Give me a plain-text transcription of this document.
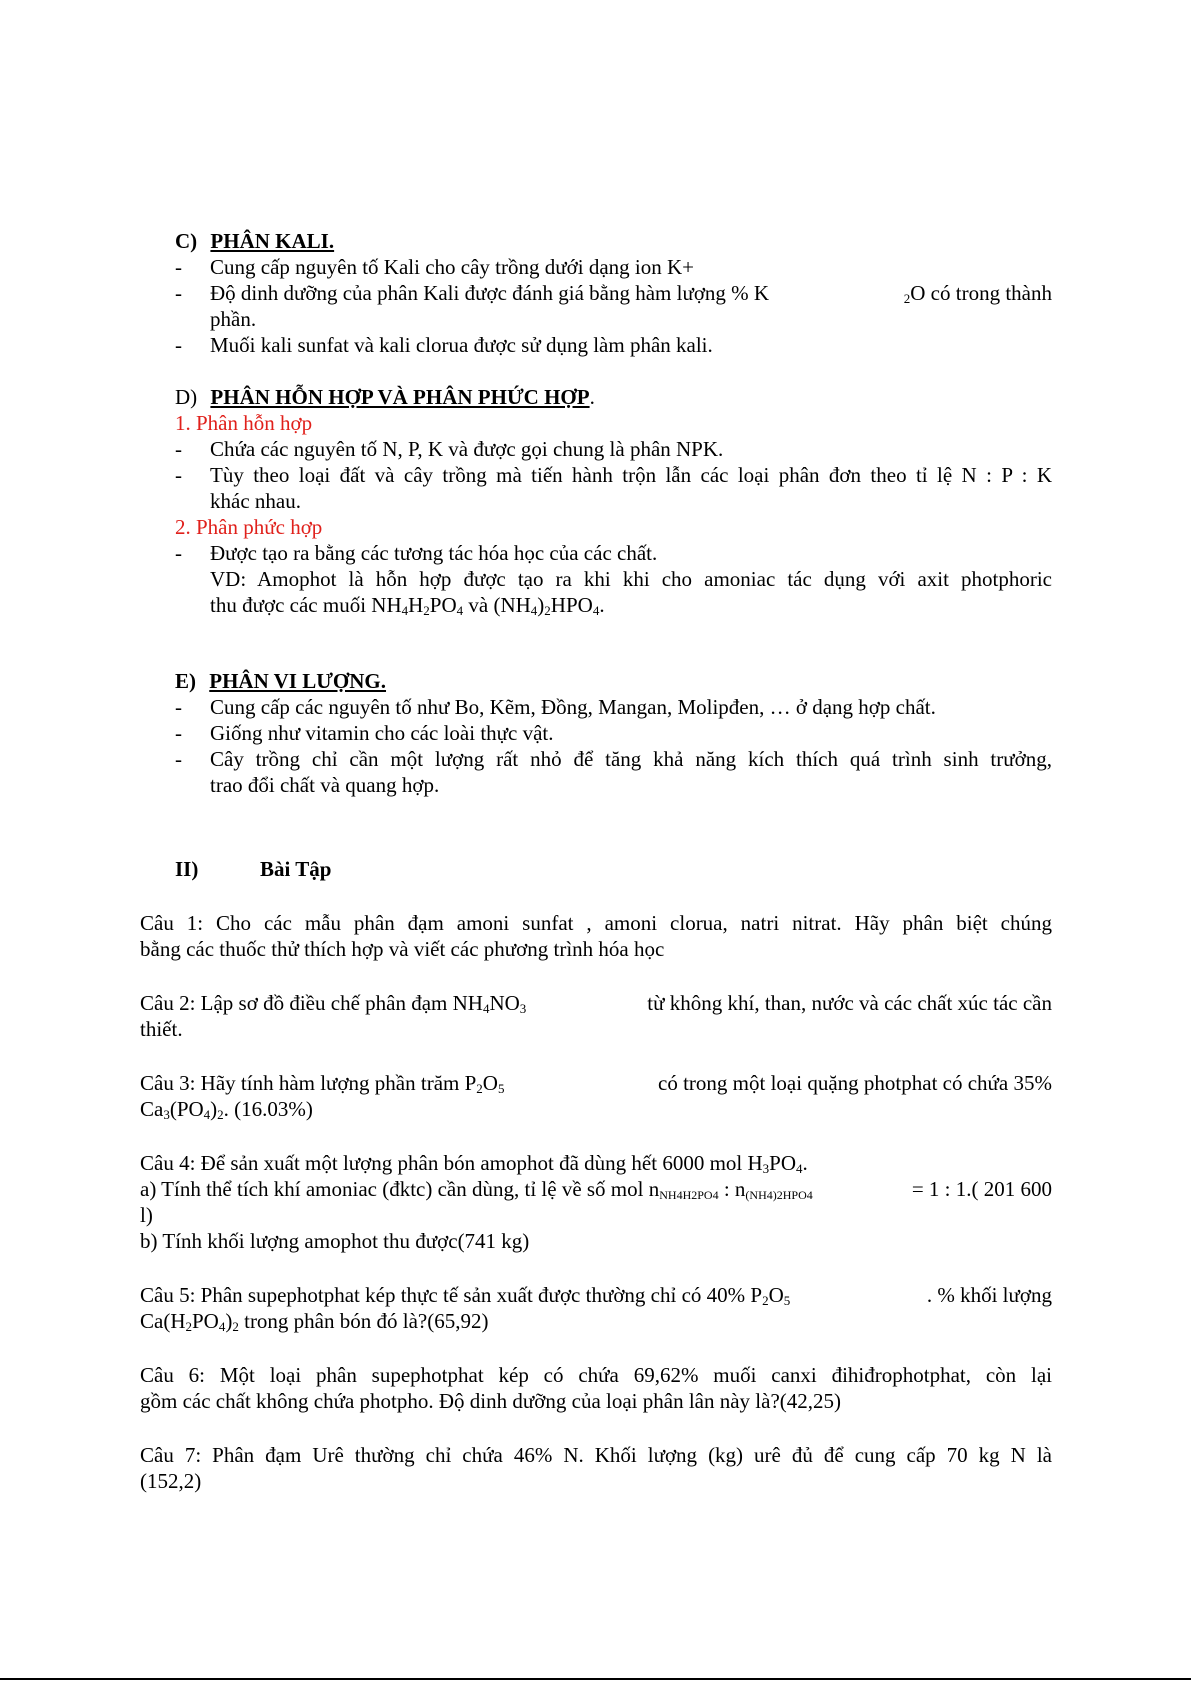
C) PHÂN KALI.
- Cung cấp nguyên tố Kali cho cây trồng dưới dạng ion K+
- Độ dinh dưỡng của phân Kali được đánh giá bằng hàm lượng % K	$_2$O có trong thành
phần.
- Muối kali sunfat và kali clorua được sử dụng làm phân kali.
D) PHÂN HỖN HỢP VÀ PHÂN PHỨC HỢP.
1. Phân hỗn hợp
- Chứa các nguyên tố N, P, K và được gọi chung là phân NPK.
- Tùy theo loại đất và cây trồng mà tiến hành trộn lẫn các loại phân đơn theo tỉ lệ N : P : K
khác nhau.
2. Phân phức hợp
- Được tạo ra bằng các tương tác hóa học của các chất.
VD: Amophot là hỗn hợp được tạo ra khi khi cho amoniac tác dụng với axit photphoric
thu được các muối $NH_4H_2PO_4$ và $(NH_4)_2HPO_4$.
E) PHÂN VI LƯỢNG.
- Cung cấp các nguyên tố như Bo, Kẽm, Đồng, Mangan, Molipđen, … ở dạng hợp chất.
- Giống như vitamin cho các loài thực vật.
- Cây trồng chỉ cần một lượng rất nhỏ để tăng khả năng kích thích quá trình sinh trưởng,
trao đổi chất và quang hợp.
II)	Bài Tập
Câu 1: Cho các mẫu phân đạm amoni sunfat , amoni clorua, natri nitrat. Hãy phân biệt chúng
bằng các thuốc thử thích hợp và viết các phương trình hóa học
Câu 2: Lập sơ đồ điều chế phân đạm $NH_4NO_3$	từ không khí, than, nước và các chất xúc tác cần
thiết.
Câu 3: Hãy tính hàm lượng phần trăm $P_2O_5$	có trong một loại quặng photphat có chứa 35%
$Ca_3(PO_4)_2$. (16.03%)
Câu 4: Để sản xuất một lượng phân bón amophot đã dùng hết 6000 mol $H_3PO_4$.
a) Tính thể tích khí amoniac (đktc) cần dùng, tỉ lệ về số mol $n_{NH4H2PO4}$ : $n_{(NH4)2HPO4}$	= 1 : 1.( 201 600
l)
b) Tính khối lượng amophot thu được(741 kg)
Câu 5: Phân supephotphat kép thực tế sản xuất được thường chỉ có 40% $P_2O_5$	. % khối lượng
$Ca(H_2PO_4)_2$ trong phân bón đó là?(65,92)
Câu 6: Một loại phân supephotphat kép có chứa 69,62% muối canxi đihiđrophotphat, còn lại
gồm các chất không chứa photpho. Độ dinh dưỡng của loại phân lân này là?(42,25)
Câu 7: Phân đạm Urê thường chỉ chứa 46% N. Khối lượng (kg) urê đủ để cung cấp 70 kg N là
(152,2)
